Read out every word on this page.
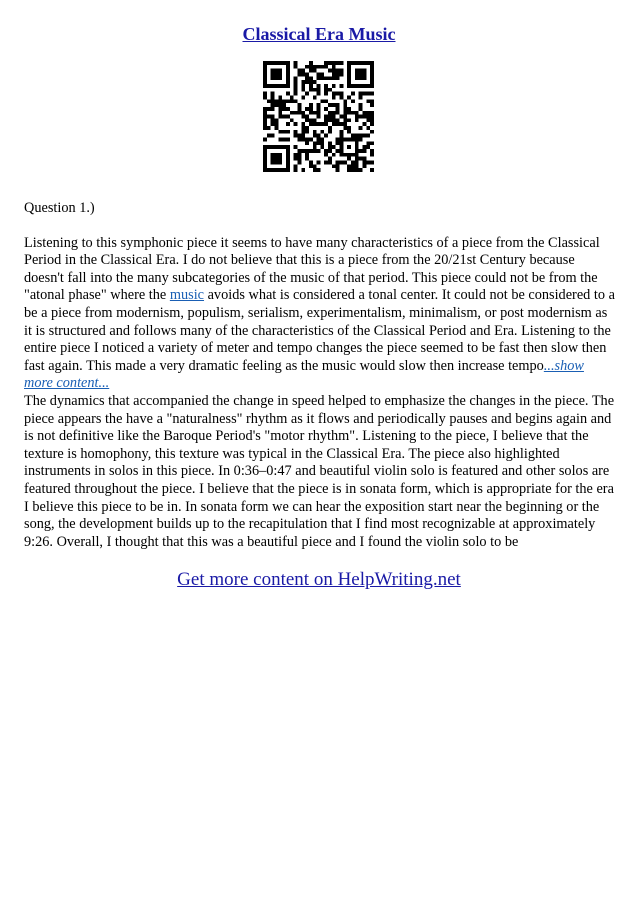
Classical Era Music

Question 1.)

Listening to this symphonic piece it seems to have many characteristics of a piece from the Classical Period in the Classical Era. I do not believe that this is a piece from the 20/21st Century because doesn't fall into the many subcategories of the music of that period. This piece could not be from the "atonal phase" where the music avoids what is considered a tonal center. It could not be considered to a be a piece from modernism, populism, serialism, experimentalism, minimalism, or post modernism as it is structured and follows many of the characteristics of the Classical Period and Era. Listening to the entire piece I noticed a variety of meter and tempo changes the piece seemed to be fast then slow then fast again. This made a very dramatic feeling as the music would slow then increase tempo...show more content...

The dynamics that accompanied the change in speed helped to emphasize the changes in the piece. The piece appears the have a "naturalness" rhythm as it flows and periodically pauses and begins again and is not definitive like the Baroque Period's "motor rhythm". Listening to the piece, I believe that the texture is homophony, this texture was typical in the Classical Era. The piece also highlighted instruments in solos in this piece. In 0:36–0:47 and beautiful violin solo is featured and other solos are featured throughout the piece. I believe that the piece is in sonata form, which is appropriate for the era I believe this piece to be in. In sonata form we can hear the exposition start near the beginning or the song, the development builds up to the recapitulation that I find most recognizable at approximately 9:26. Overall, I thought that this was a beautiful piece and I found the violin solo to be

Get more content on HelpWriting.net
